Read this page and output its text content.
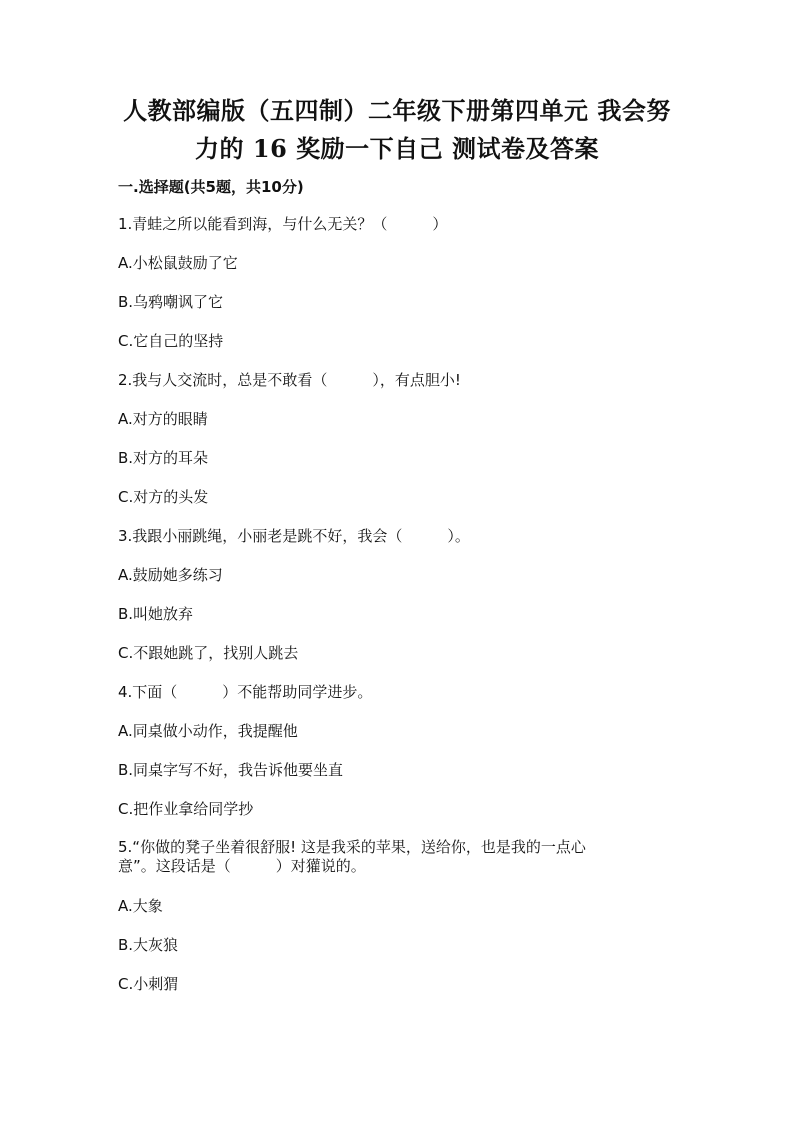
人教部编版（五四制）二年级下册第四单元 我会努
力的 16 奖励一下自己 测试卷及答案
一.选择题(共5题，共10分)
1.青蛙之所以能看到海，与什么无关？（　　　）
A.小松鼠鼓励了它
B.乌鸦嘲讽了它
C.它自己的坚持
2.我与人交流时，总是不敢看（　　　），有点胆小!
A.对方的眼睛
B.对方的耳朵
C.对方的头发
3.我跟小丽跳绳，小丽老是跳不好，我会（　　　）。
A.鼓励她多练习
B.叫她放弃
C.不跟她跳了，找别人跳去
4.下面（　　　）不能帮助同学进步。
A.同桌做小动作，我提醒他
B.同桌字写不好，我告诉他要坐直
C.把作业拿给同学抄
5.“你做的凳子坐着很舒服! 这是我采的苹果，送给你，也是我的一点心
意”。这段话是（　　　）对獾说的。
A.大象
B.大灰狼
C.小刺猬
